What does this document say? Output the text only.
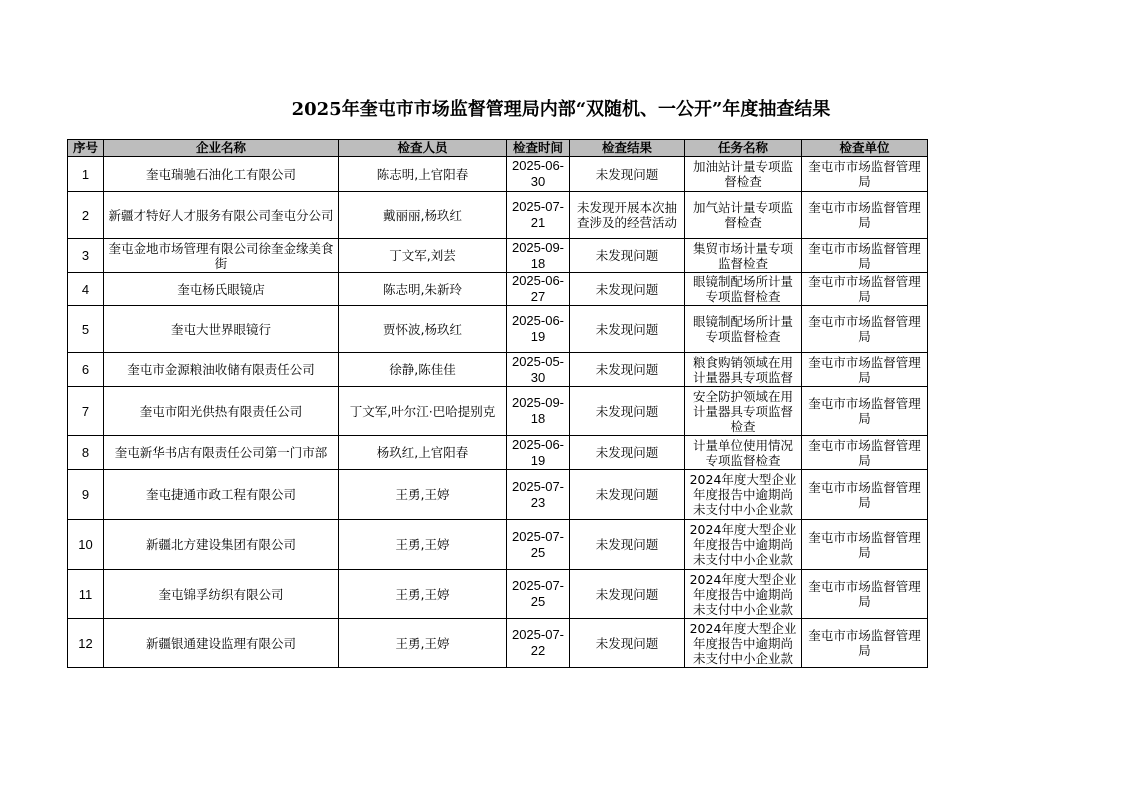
2025年奎屯市市场监督管理局内部“双随机、一公开”年度抽查结果
序号	企业名称	检查人员	检查时间	检查结果	任务名称	检查单位
1	奎屯瑞驰石油化工有限公司	陈志明,上官阳春	2025-06-30	未发现问题	加油站计量专项监督检查	奎屯市市场监督管理局
2	新疆才特好人才服务有限公司奎屯分公司	戴丽丽,杨玖红	2025-07-21	未发现开展本次抽查涉及的经营活动	加气站计量专项监督检查	奎屯市市场监督管理局
3	奎屯金地市场管理有限公司徐奎金缘美食街	丁文军,刘芸	2025-09-18	未发现问题	集贸市场计量专项监督检查	奎屯市市场监督管理局
4	奎屯杨氏眼镜店	陈志明,朱新玲	2025-06-27	未发现问题	眼镜制配场所计量专项监督检查	奎屯市市场监督管理局
5	奎屯大世界眼镜行	贾怀波,杨玖红	2025-06-19	未发现问题	眼镜制配场所计量专项监督检查	奎屯市市场监督管理局
6	奎屯市金源粮油收储有限责任公司	徐静,陈佳佳	2025-05-30	未发现问题	粮食购销领域在用计量器具专项监督	奎屯市市场监督管理局
7	奎屯市阳光供热有限责任公司	丁文军,叶尔江·巴哈提别克	2025-09-18	未发现问题	安全防护领域在用计量器具专项监督检查	奎屯市市场监督管理局
8	奎屯新华书店有限责任公司第一门市部	杨玖红,上官阳春	2025-06-19	未发现问题	计量单位使用情况专项监督检查	奎屯市市场监督管理局
9	奎屯捷通市政工程有限公司	王勇,王婷	2025-07-23	未发现问题	2024年度大型企业年度报告中逾期尚未支付中小企业款	奎屯市市场监督管理局
10	新疆北方建设集团有限公司	王勇,王婷	2025-07-25	未发现问题	2024年度大型企业年度报告中逾期尚未支付中小企业款	奎屯市市场监督管理局
11	奎屯锦孚纺织有限公司	王勇,王婷	2025-07-25	未发现问题	2024年度大型企业年度报告中逾期尚未支付中小企业款	奎屯市市场监督管理局
12	新疆银通建设监理有限公司	王勇,王婷	2025-07-22	未发现问题	2024年度大型企业年度报告中逾期尚未支付中小企业款	奎屯市市场监督管理局
